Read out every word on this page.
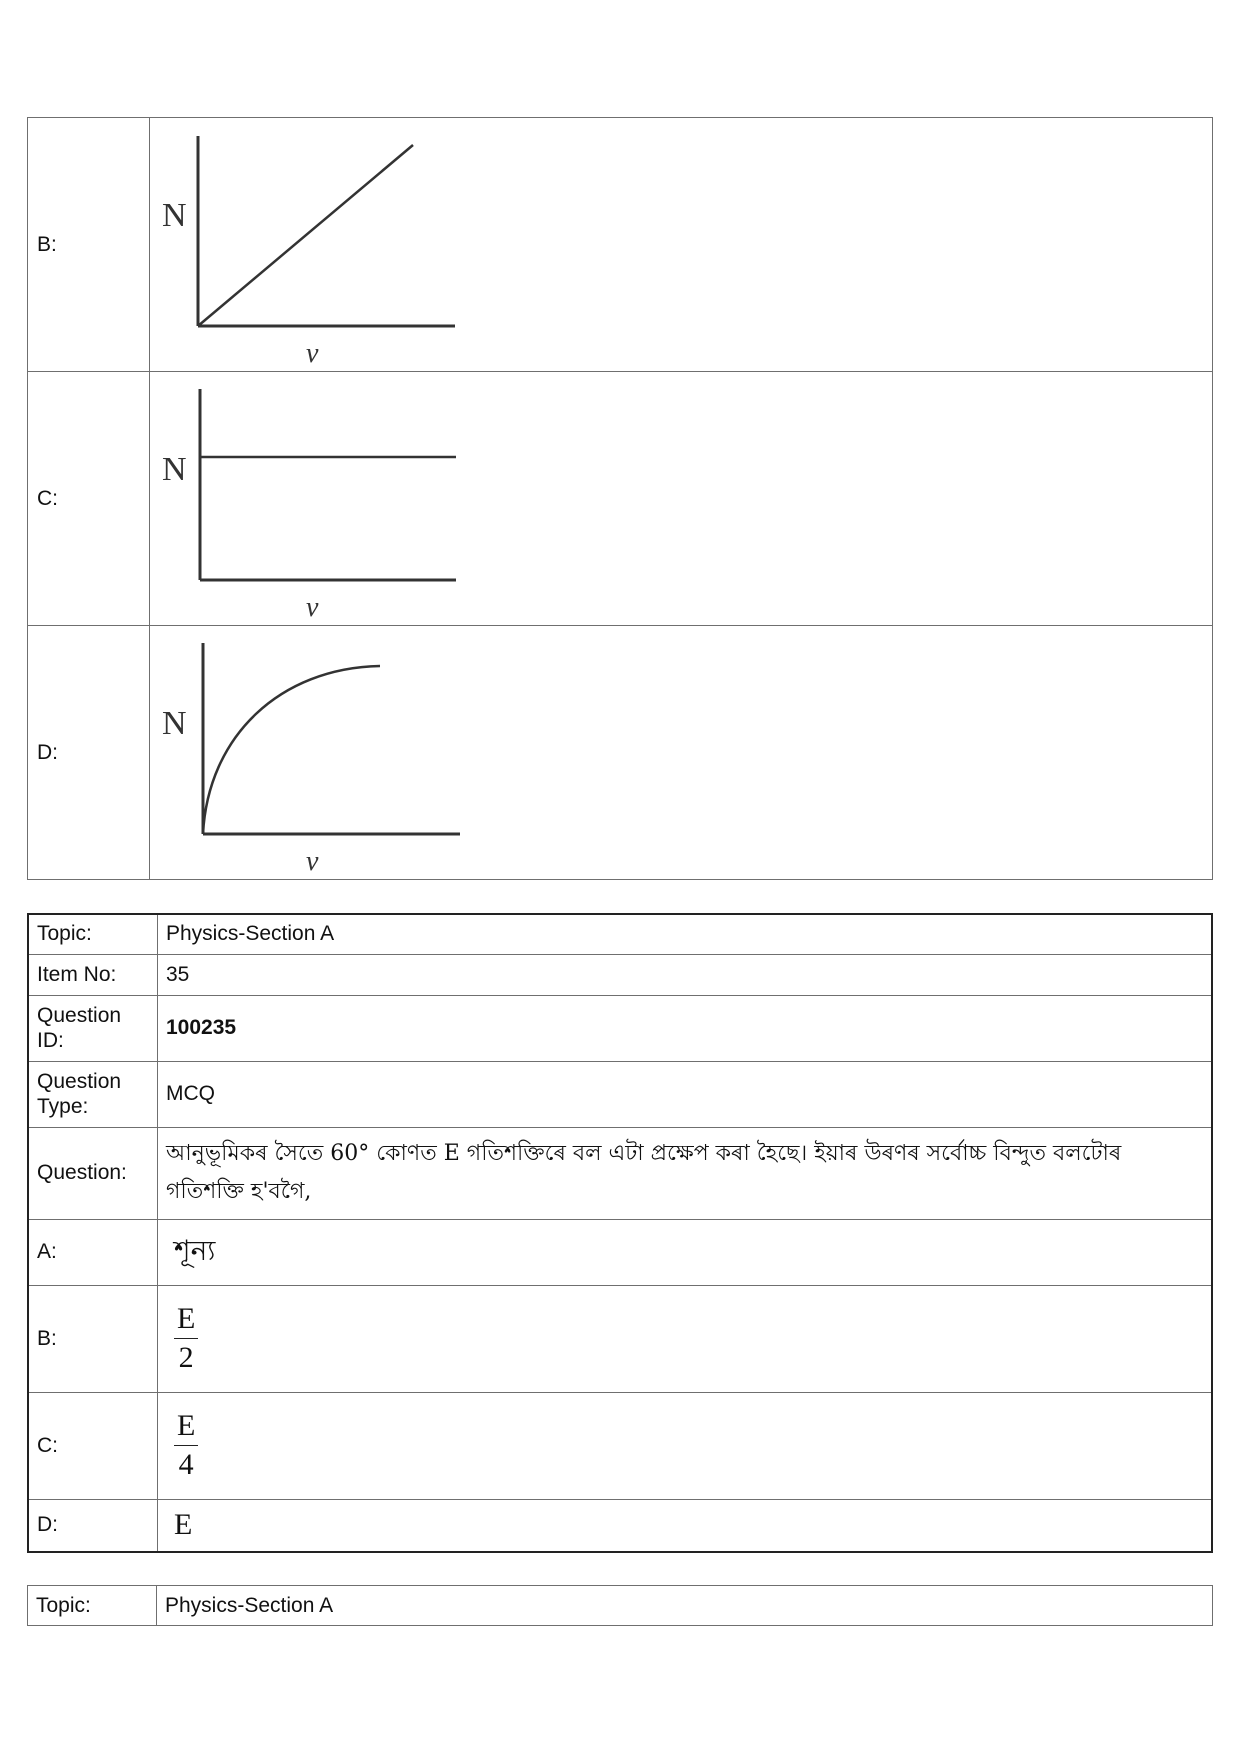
B:	N
ν

C:	N
ν

D:	N
ν
Topic:	Physics-Section A
Item No:	35
Question ID:	100235
Question Type:	MCQ
Question:	আনুভূমিকৰ সৈতে 60° কোণত E গতিশক্তিৰে বল এটা প্ৰক্ষেপ কৰা হৈছে। ইয়াৰ উৰণৰ সৰ্বোচ্চ বিন্দুত বলটোৰ গতিশক্তি হ'বগৈ,
A:	শূন্য
B:	$\frac{E}{2}$

C:	$\frac{E}{4}$

D:	E
Topic:	Physics-Section A
